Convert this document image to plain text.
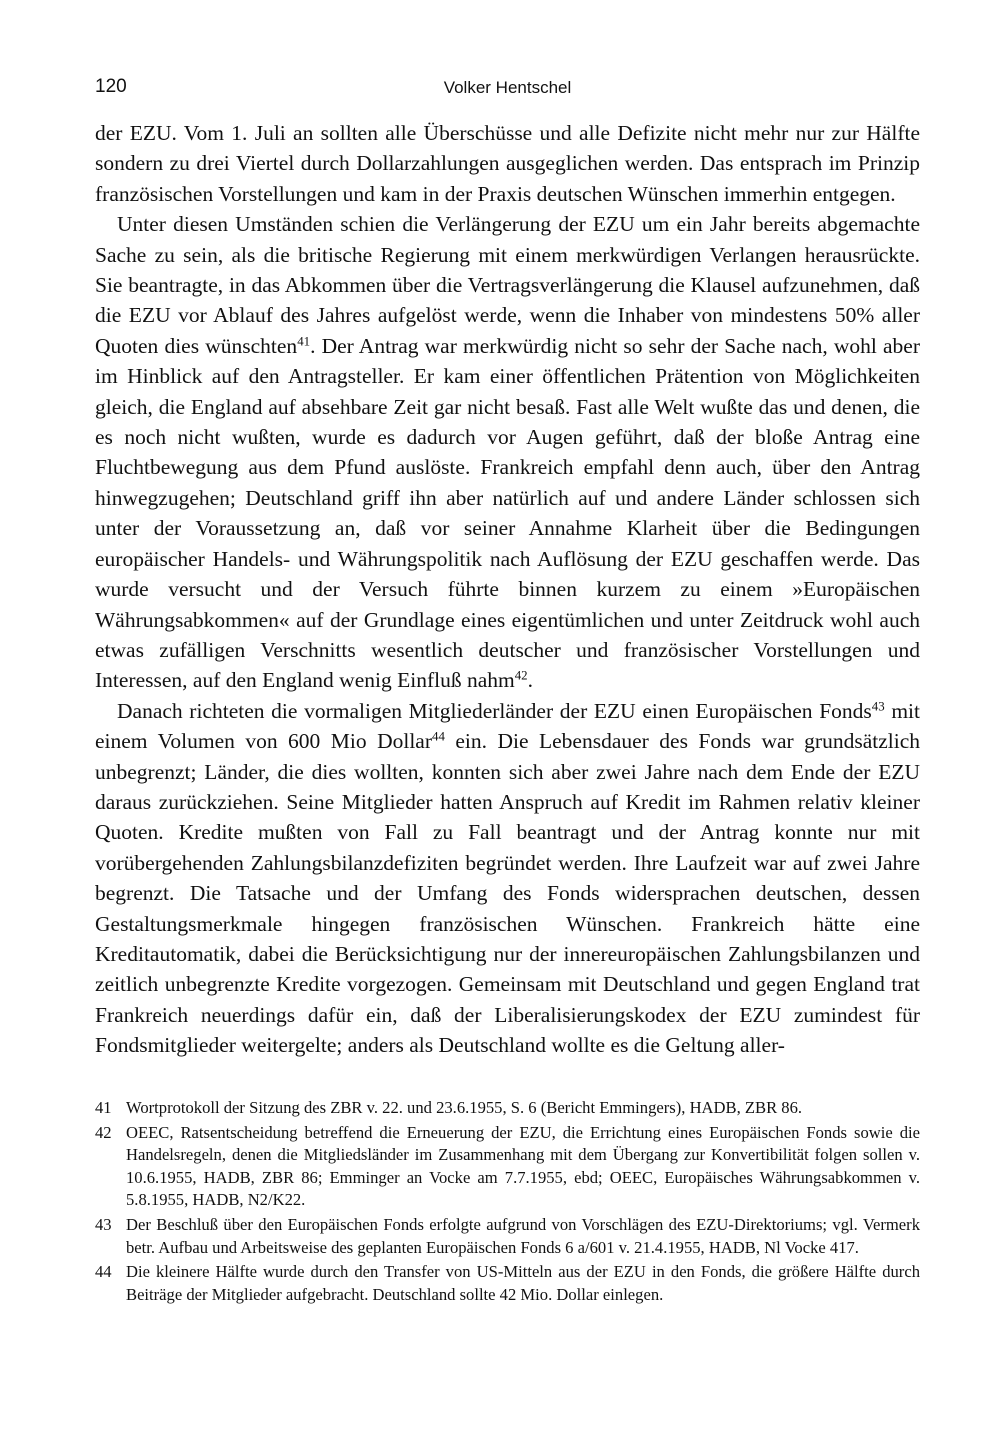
120	Volker Hentschel

der EZU. Vom 1. Juli an sollten alle Überschüsse und alle Defizite nicht mehr nur zur Hälfte sondern zu drei Viertel durch Dollarzahlungen ausgeglichen werden. Das entsprach im Prinzip französischen Vorstellungen und kam in der Praxis deutschen Wünschen immerhin entgegen.

Unter diesen Umständen schien die Verlängerung der EZU um ein Jahr bereits abgemachte Sache zu sein, als die britische Regierung mit einem merkwürdigen Verlangen herausrückte. Sie beantragte, in das Abkommen über die Vertragsverlängerung die Klausel aufzunehmen, daß die EZU vor Ablauf des Jahres aufgelöst werde, wenn die Inhaber von mindestens 50% aller Quoten dies wünschten$^{41}$. Der Antrag war merkwürdig nicht so sehr der Sache nach, wohl aber im Hinblick auf den Antragsteller. Er kam einer öffentlichen Prätention von Möglichkeiten gleich, die England auf absehbare Zeit gar nicht besaß. Fast alle Welt wußte das und denen, die es noch nicht wußten, wurde es dadurch vor Augen geführt, daß der bloße Antrag eine Fluchtbewegung aus dem Pfund auslöste. Frankreich empfahl denn auch, über den Antrag hinwegzugehen; Deutschland griff ihn aber natürlich auf und andere Länder schlossen sich unter der Voraussetzung an, daß vor seiner Annahme Klarheit über die Bedingungen europäischer Handels- und Währungspolitik nach Auflösung der EZU geschaffen werde. Das wurde versucht und der Versuch führte binnen kurzem zu einem »Europäischen Währungsabkommen« auf der Grundlage eines eigentümlichen und unter Zeitdruck wohl auch etwas zufälligen Verschnitts wesentlich deutscher und französischer Vorstellungen und Interessen, auf den England wenig Einfluß nahm$^{42}$.

Danach richteten die vormaligen Mitgliederländer der EZU einen Europäischen Fonds$^{43}$ mit einem Volumen von 600 Mio Dollar$^{44}$ ein. Die Lebensdauer des Fonds war grundsätzlich unbegrenzt; Länder, die dies wollten, konnten sich aber zwei Jahre nach dem Ende der EZU daraus zurückziehen. Seine Mitglieder hatten Anspruch auf Kredit im Rahmen relativ kleiner Quoten. Kredite mußten von Fall zu Fall beantragt und der Antrag konnte nur mit vorübergehenden Zahlungsbilanzdefiziten begründet werden. Ihre Laufzeit war auf zwei Jahre begrenzt. Die Tatsache und der Umfang des Fonds widersprachen deutschen, dessen Gestaltungsmerkmale hingegen französischen Wünschen. Frankreich hätte eine Kreditautomatik, dabei die Berücksichtigung nur der innereuropäischen Zahlungsbilanzen und zeitlich unbegrenzte Kredite vorgezogen. Gemeinsam mit Deutschland und gegen England trat Frankreich neuerdings dafür ein, daß der Liberalisierungskodex der EZU zumindest für Fondsmitglieder weitergelte; anders als Deutschland wollte es die Geltung aller-

41 Wortprotokoll der Sitzung des ZBR v. 22. und 23.6.1955, S. 6 (Bericht Emmingers), HADB, ZBR 86.
42 OEEC, Ratsentscheidung betreffend die Erneuerung der EZU, die Errichtung eines Europäischen Fonds sowie die Handelsregeln, denen die Mitgliedsländer im Zusammenhang mit dem Übergang zur Konvertibilität folgen sollen v. 10.6.1955, HADB, ZBR 86; Emminger an Vocke am 7.7.1955, ebd; OEEC, Europäisches Währungsabkommen v. 5.8.1955, HADB, N2/K22.
43 Der Beschluß über den Europäischen Fonds erfolgte aufgrund von Vorschlägen des EZU-Direktoriums; vgl. Vermerk betr. Aufbau und Arbeitsweise des geplanten Europäischen Fonds 6 a/601 v. 21.4.1955, HADB, Nl Vocke 417.
44 Die kleinere Hälfte wurde durch den Transfer von US-Mitteln aus der EZU in den Fonds, die größere Hälfte durch Beiträge der Mitglieder aufgebracht. Deutschland sollte 42 Mio. Dollar einlegen.
